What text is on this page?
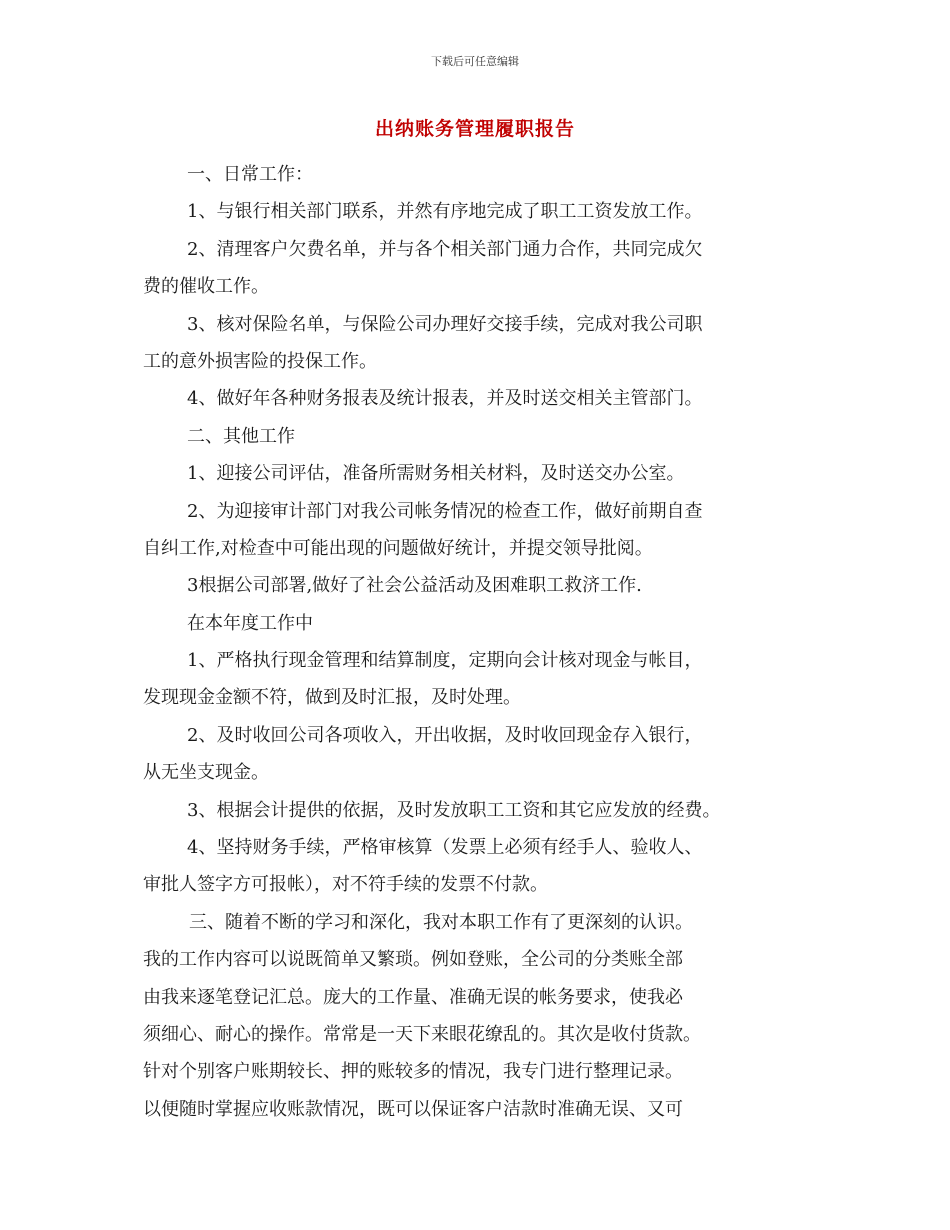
下载后可任意编辑
出纳账务管理履职报告
一、日常工作：
1、与银行相关部门联系，并然有序地完成了职工工资发放工作。
2、清理客户欠费名单，并与各个相关部门通力合作，共同完成欠
费的催收工作。
3、核对保险名单，与保险公司办理好交接手续，完成对我公司职
工的意外损害险的投保工作。
4、做好年各种财务报表及统计报表，并及时送交相关主管部门。
二、其他工作
1、迎接公司评估，准备所需财务相关材料，及时送交办公室。
2、为迎接审计部门对我公司帐务情况的检查工作，做好前期自查
自纠工作,对检查中可能出现的问题做好统计，并提交领导批阅。
3根据公司部署,做好了社会公益活动及困难职工救济工作.
在本年度工作中
1、严格执行现金管理和结算制度，定期向会计核对现金与帐目，
发现现金金额不符，做到及时汇报，及时处理。
2、及时收回公司各项收入，开出收据，及时收回现金存入银行，
从无坐支现金。
3、根据会计提供的依据，及时发放职工工资和其它应发放的经费。
4、坚持财务手续，严格审核算（发票上必须有经手人、验收人、
审批人签字方可报帐），对不符手续的发票不付款。
三、随着不断的学习和深化，我对本职工作有了更深刻的认识。
我的工作内容可以说既简单又繁琐。例如登账，全公司的分类账全部
由我来逐笔登记汇总。庞大的工作量、准确无误的帐务要求，使我必
须细心、耐心的操作。常常是一天下来眼花缭乱的。其次是收付货款。
针对个别客户账期较长、押的账较多的情况，我专门进行整理记录。
以便随时掌握应收账款情况，既可以保证客户洁款时准确无误、又可
